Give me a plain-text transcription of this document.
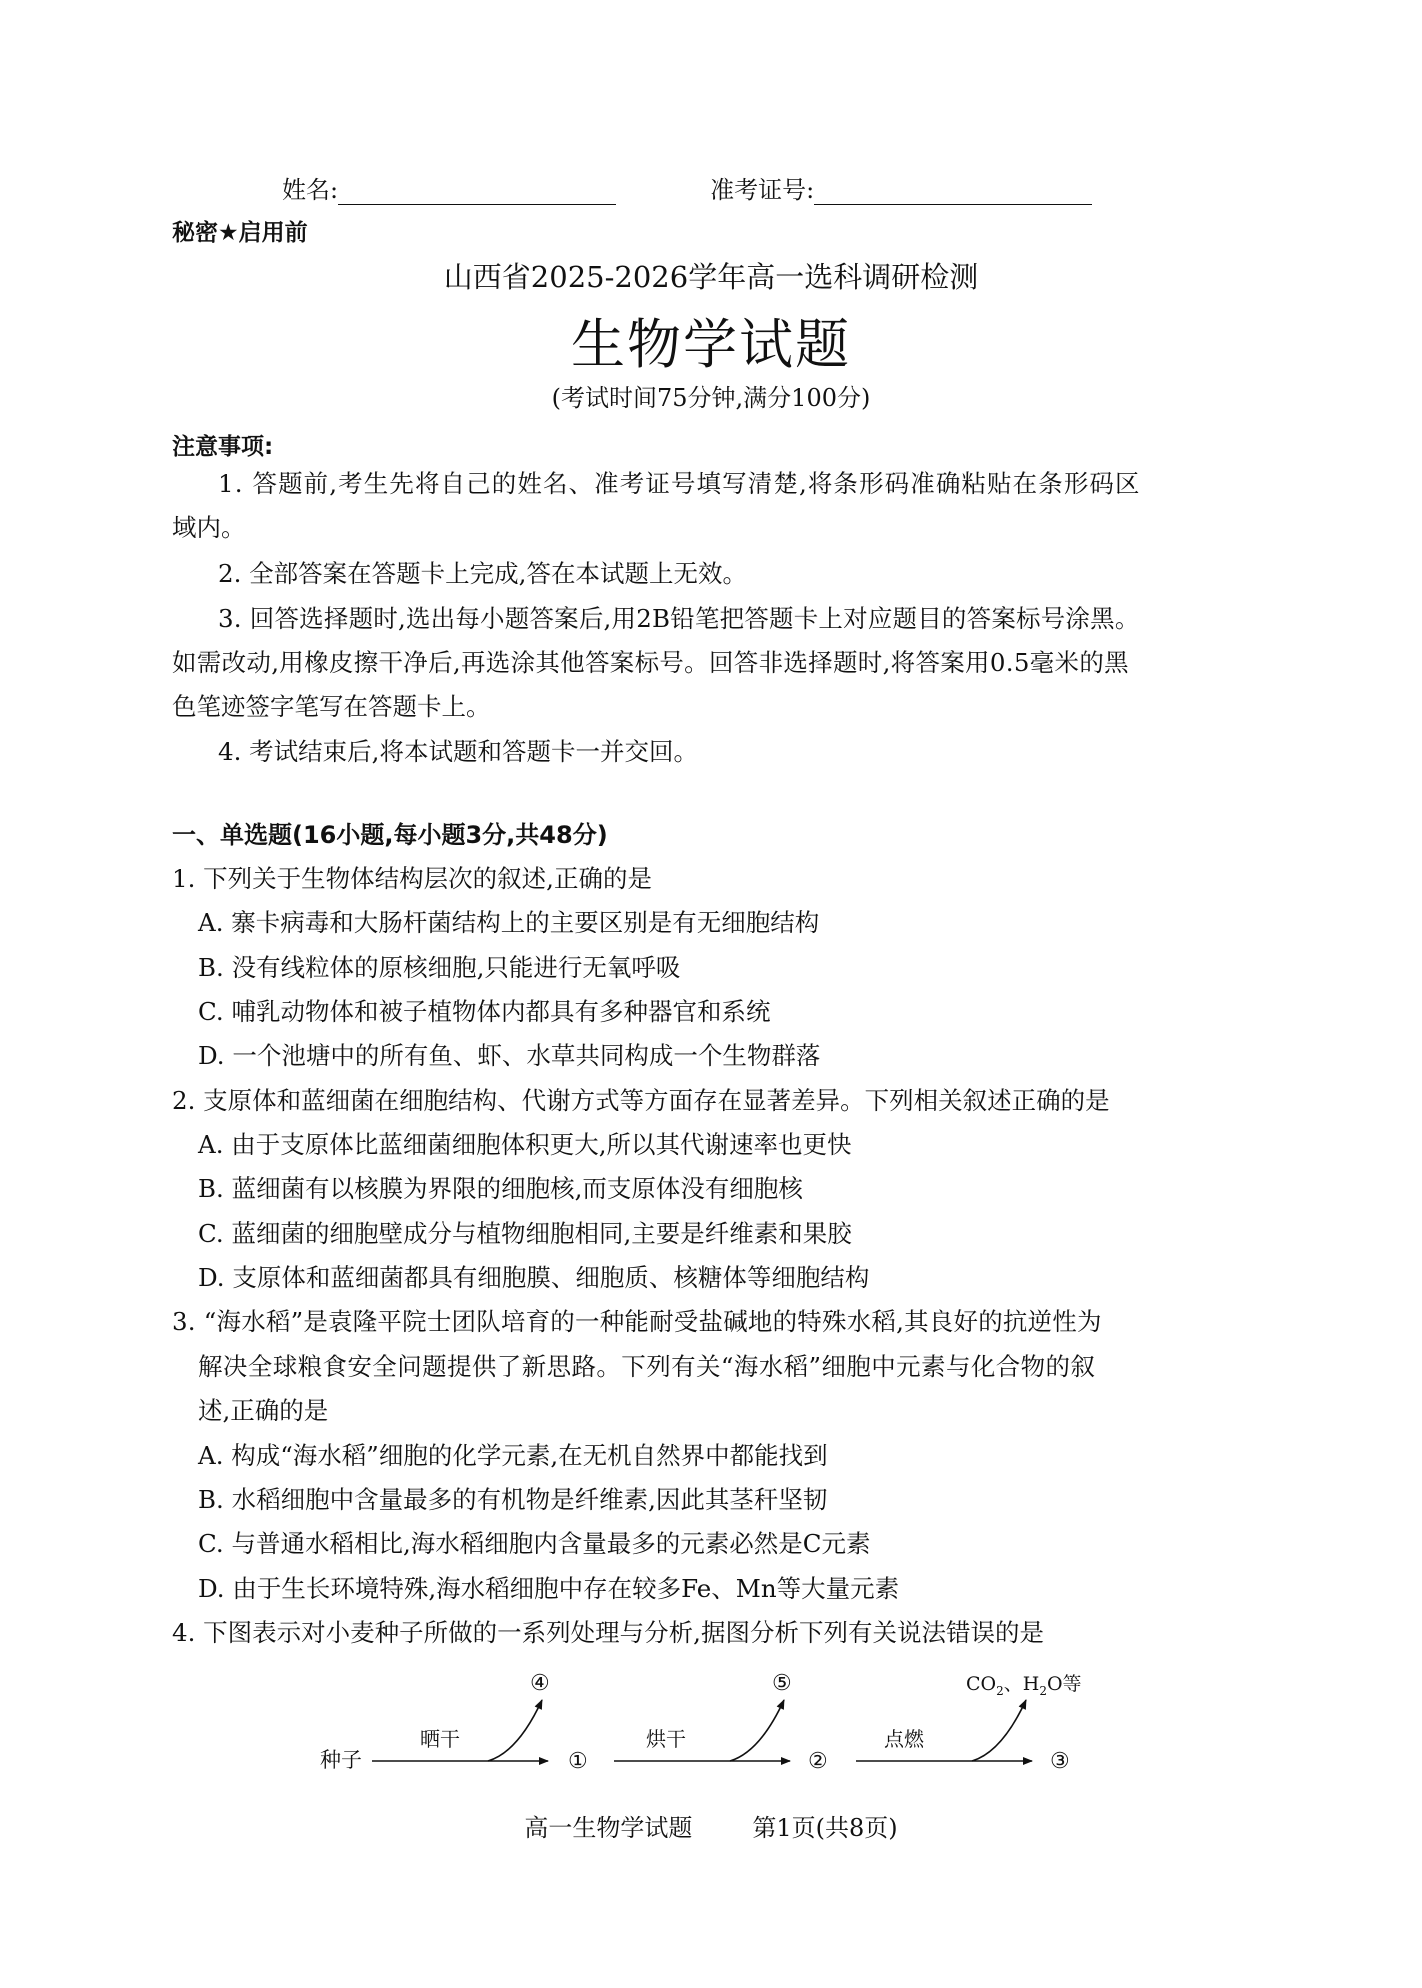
姓名:	准考证号:
秘密★启用前
山西省2025-2026学年高一选科调研检测
生物学试题
(考试时间75分钟,满分100分)
注意事项:
1. 答题前,考生先将自己的姓名、准考证号填写清楚,将条形码准确粘贴在条形码区
域内。
2. 全部答案在答题卡上完成,答在本试题上无效。
3. 回答选择题时,选出每小题答案后,用2B铅笔把答题卡上对应题目的答案标号涂黑。
如需改动,用橡皮擦干净后,再选涂其他答案标号。回答非选择题时,将答案用0.5毫米的黑
色笔迹签字笔写在答题卡上。
4. 考试结束后,将本试题和答题卡一并交回。
一、单选题(16小题,每小题3分,共48分)
1. 下列关于生物体结构层次的叙述,正确的是
A. 寨卡病毒和大肠杆菌结构上的主要区别是有无细胞结构
B. 没有线粒体的原核细胞,只能进行无氧呼吸
C. 哺乳动物体和被子植物体内都具有多种器官和系统
D. 一个池塘中的所有鱼、虾、水草共同构成一个生物群落
2. 支原体和蓝细菌在细胞结构、代谢方式等方面存在显著差异。下列相关叙述正确的是
A. 由于支原体比蓝细菌细胞体积更大,所以其代谢速率也更快
B. 蓝细菌有以核膜为界限的细胞核,而支原体没有细胞核
C. 蓝细菌的细胞壁成分与植物细胞相同,主要是纤维素和果胶
D. 支原体和蓝细菌都具有细胞膜、细胞质、核糖体等细胞结构
3. “海水稻”是袁隆平院士团队培育的一种能耐受盐碱地的特殊水稻,其良好的抗逆性为
解决全球粮食安全问题提供了新思路。下列有关“海水稻”细胞中元素与化合物的叙
述,正确的是
A. 构成“海水稻”细胞的化学元素,在无机自然界中都能找到
B. 水稻细胞中含量最多的有机物是纤维素,因此其茎秆坚韧
C. 与普通水稻相比,海水稻细胞内含量最多的元素必然是C元素
D. 由于生长环境特殊,海水稻细胞中存在较多Fe、Mn等大量元素
4. 下图表示对小麦种子所做的一系列处理与分析,据图分析下列有关说法错误的是
种子
晒干
④
①
烘干
⑤
②
点燃
③
$CO_2$、$H_2O$等
高一生物学试题	第1页(共8页)
